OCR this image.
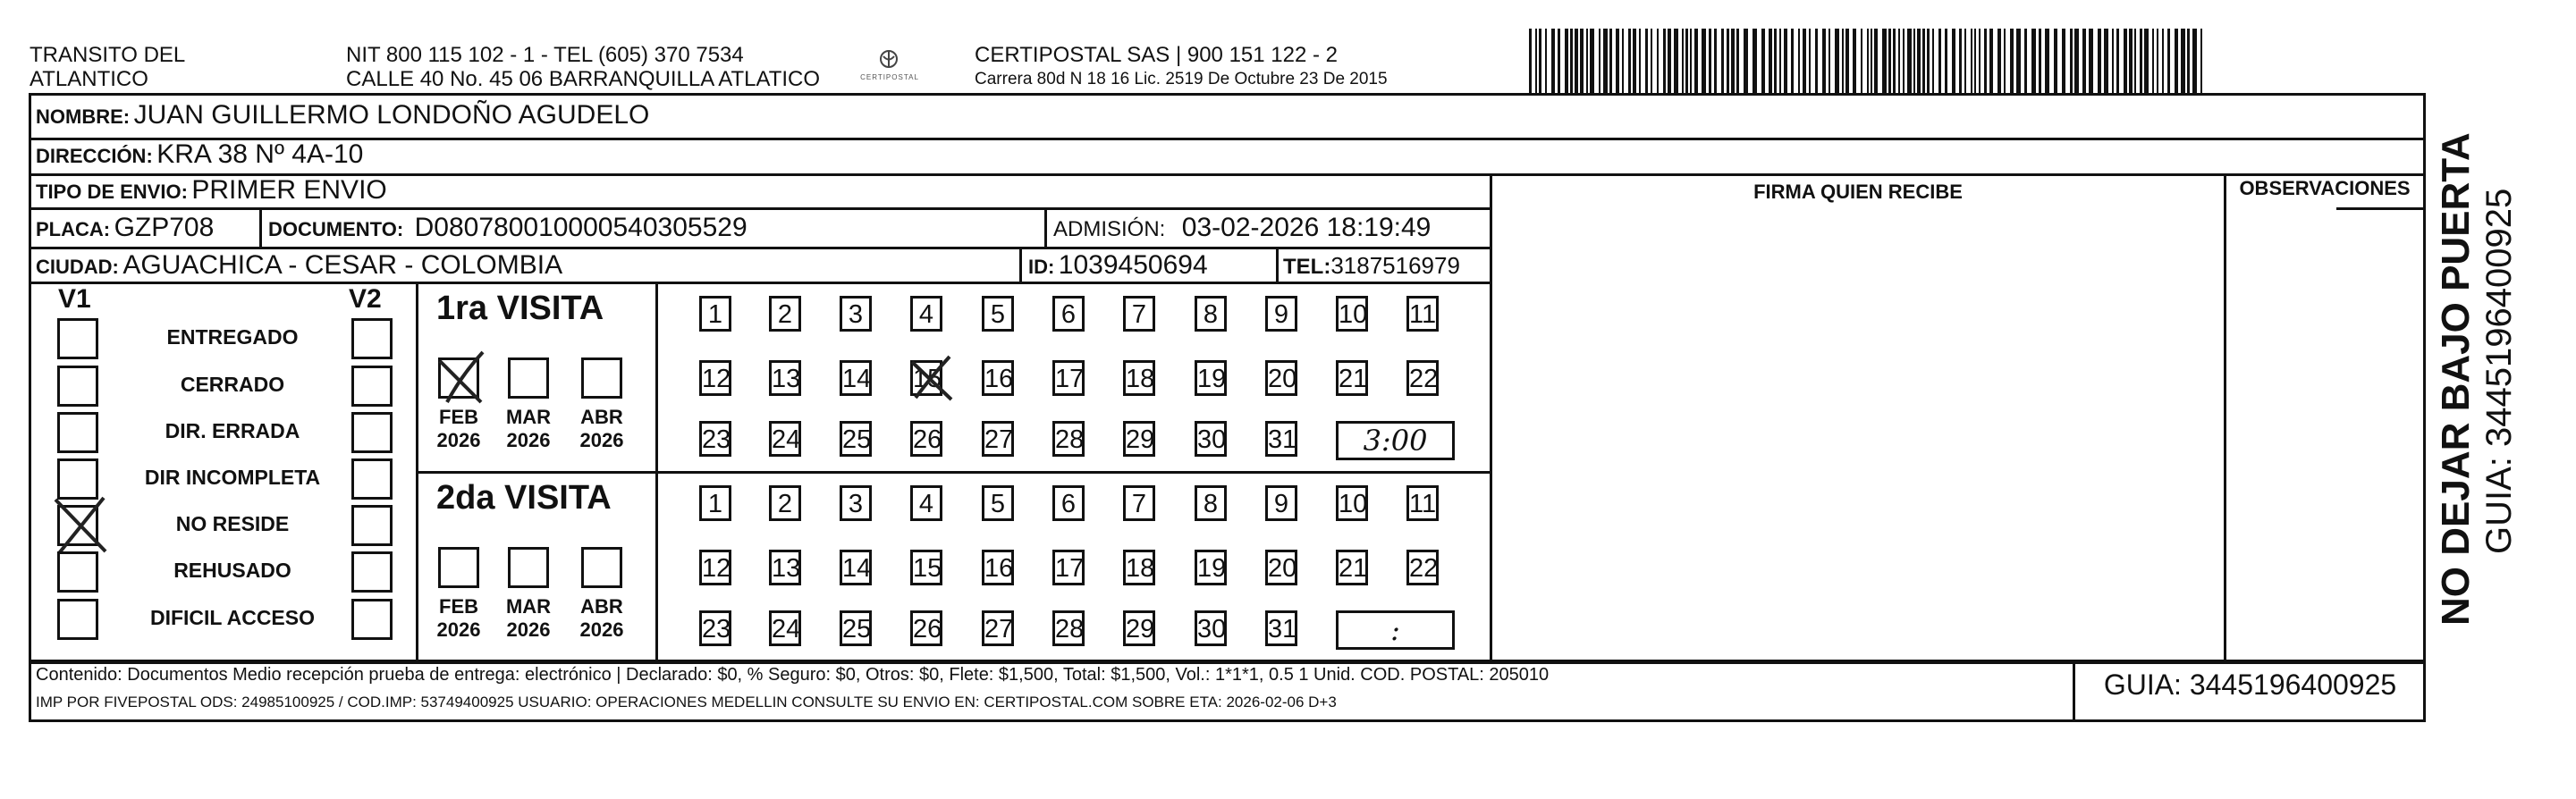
TRANSITO DEL
ATLANTICO
NIT 800 115 102 - 1 - TEL (605) 370 7534
CALLE 40 No. 45 06 BARRANQUILLA ATLATICO	CERTIPOSTAL
CERTIPOSTAL SAS | 900 151 122 - 2
Carrera 80d N 18 16 Lic. 2519 De Octubre 23 De 2015
NOMBRE: JUAN GUILLERMO LONDOÑO AGUDELO
DIRECCIÓN: KRA 38 Nº 4A-10
TIPO DE ENVIO: PRIMER ENVIO
PLACA: GZP708	DOCUMENTO: D080780010000540305529	ADMISIÓN: 03-02-2026 18:19:49
CIUDAD: AGUACHICA - CESAR - COLOMBIA	ID: 1039450694	TEL:3187516979
FIRMA QUIEN RECIBE	OBSERVACIONES
V1	V2
ENTREGADO
CERRADO
DIR. ERRADA
DIR INCOMPLETA
NO RESIDE
REHUSADO
DIFICIL ACCESO
1ra VISITA
FEB
2026
MAR
2026
ABR
2026
1	2	3	4	5	6	7	8	9	10 11
12 13 14 15 16 17 18 19 20 21 22
23 24 25 26 27 28 29 30 31	3:00
2da VISITA
FEB
2026
MAR
2026
ABR
2026
1	2	3	4	5	6	7	8	9	10 11
12 13 14 15 16 17 18 19 20 21 22
23 24 25 26 27 28 29 30 31	:
Contenido: Documentos Medio recepción prueba de entrega: electrónico | Declarado: $0, % Seguro: $0, Otros: $0, Flete: $1,500, Total: $1,500, Vol.: 1*1*1, 0.5 1 Unid. COD. POSTAL: 205010
IMP POR FIVEPOSTAL ODS: 24985100925 / COD.IMP: 53749400925 USUARIO: OPERACIONES MEDELLIN CONSULTE SU ENVIO EN: CERTIPOSTAL.COM SOBRE ETA: 2026-02-06 D+3
GUIA: 3445196400925
NO DEJAR BAJO PUERTA GUIA: 3445196400925
